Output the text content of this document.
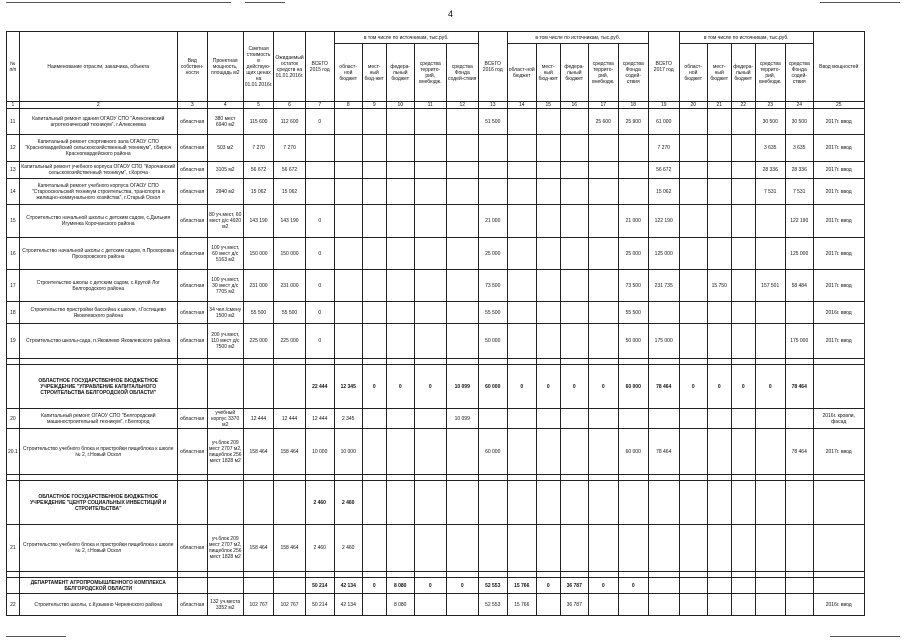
4
№ п/п	Наименование отрасли, заказчика, объекта	Вид собствен-ности	Проектная мощность, площадь м2	Сметная стоимость в действую-щих ценах на 01.01.2016г.	Ожидаемый остаток средств на 01.01.2016г.	ВСЕГО 2015 год	в том числе по источникам, тыс.руб.					ВСЕГО 2016 год	в том числе по источникам, тыс.руб.					ВСЕГО 2017 год	в том числе по источникам, тыс.руб.					Ввод мощностей
							област-ной бюджет	мест-ный бюд-жет	федера-льный бюджет	средства террито-рий, внебюдж.	средства Фонда содей-ствия		област-ной бюджет	мест-ный бюд-жет	федера-льный бюджет	средства террито-рий, внебюдж.	средства Фонда содей-ствия		област-ной бюджет	мест-ный бюджет	федера-льный бюджет	средства террито-рий, внебюдж.	средства Фонда содей-ствия	
1	2	3	4	5	6	7	8	9	10	11	12	13	14	15	16	17	18	19	20	21	22	23	24	25
11	Капитальный ремонт здания ОГАОУ СПО "Алексеевский агротехнический техникум", г.Алексеевка	областная	380 мест 6940 м2	115 600	112 600	0						51 500				25 600	25 900	61 000				30 500	30 500	2017г. ввод
12	Капитальный ремонт спортивного зала ОГАОУ СПО "Красногвардейский сельскохозяйственный техникум", г.Бирюч Красногвардейского района	областная	503 м2	7 270	7 270													7 270				3 635	3 635	2017г. ввод
13	Капитальный ремонт учебного корпуса ОГАОУ СПО "Корочанский сельскохозяйственный техникум", г.Короча	областная	3105 м2	56 672	56 672													56 672				28 336	28 336	2017г. ввод
14	Капитальный ремонт учебного корпуса ОГАОУ СПО "Старооскольский техникум строительства, транспорта и жилищно-коммунального хозяйства", г.Старый Оскол	областная	2940 м2	15 062	15 062													15 062				7 531	7 531	2017г. ввод
15	Строительство начальной школы с детским садом, с.Дальняя Игуменка Корочанского района	областная	80 уч.мест, 60 мест д/с 4920 м2	143 190	143 190	0						21 000					21 000	122 190					122 190	2017г. ввод
16	Строительство начальной школы с детским садом, п.Прохоровка Прохоровского района	областная	100 уч.мест, 60 мест д/с 5163 м2	150 000	150 000	0						25 000					25 000	125 000					125 000	2017г. ввод
17	Строительство школы с детским садом, с.Крутой Лог Белгородского района	областная	100 уч.мест, 30 мест д/с 7705 м2	231 000	231 000	0						73 500					73 500	231 735		15 750		157 501	58 484	2017г. ввод
18	Строительство пристройки бассейна к школе, г.Гостищево Яковлевского района	областная	34 чел./смену 1500 м2	55 500	55 500	0						55 500					55 500							2016г. ввод
19	Строительство школы-сада, п.Яковлево Яковлевского района	областная	200 уч.мест, 110 мест д/с 7500 м2	225 000	225 000	0						50 000					50 000	175 000					175 000	2017г. ввод

	ОБЛАСТНОЕ ГОСУДАРСТВЕННОЕ БЮДЖЕТНОЕ УЧРЕЖДЕНИЕ "УПРАВЛЕНИЕ КАПИТАЛЬНОГО СТРОИТЕЛЬСТВА БЕЛГОРОДСКОЙ ОБЛАСТИ"					22 444	12 345	0	0	0	10 099	60 000	0	0	0	0	60 000	78 464	0	0	0	0	78 464	
20	Капитальный ремонт ОГАОУ СПО "Белгородский машиностроительный техникум", г.Белгород	областная	учебный корпус 3370 м2	12 444	12 444	12 444	2 345				10 099													2016г. кровли, фасад
20.1	Строительство учебного блока и пристройки пищеблока к школе № 2, г.Новый Оскол	областная	уч.блок 209 мест 2707 м2, пищеблок 256 мест 1828 м2	158 464	158 464	10 000	10 000					60 000					60 000	78 464					78 464	2017г. ввод

	ОБЛАСТНОЕ ГОСУДАРСТВЕННОЕ БЮДЖЕТНОЕ УЧРЕЖДЕНИЕ "ЦЕНТР СОЦИАЛЬНЫХ ИНВЕСТИЦИЙ И СТРОИТЕЛЬСТВА"					2 460	2 460																	
21	Строительство учебного блока и пристройки пищеблока к школе № 2, г.Новый Оскол	областная	уч.блок 209 мест 2707 м2, пищеблок 256 мест 1828 м2	158 464	158 464	2 460	2 460																	

	ДЕПАРТАМЕНТ АГРОПРОМЫШЛЕННОГО КОМПЛЕКСА БЕЛГОРОДСКОЙ ОБЛАСТИ					50 214	42 134	0	8 080	0	0	52 553	15 766	0	36 787	0	0							
22	Строительство школы, с.Кузькино Чернянского района	областная	132 уч.места 3352 м2	102 767	102 767	50 214	42 134		8 080			52 553	15 766		36 787									2016г. ввод
